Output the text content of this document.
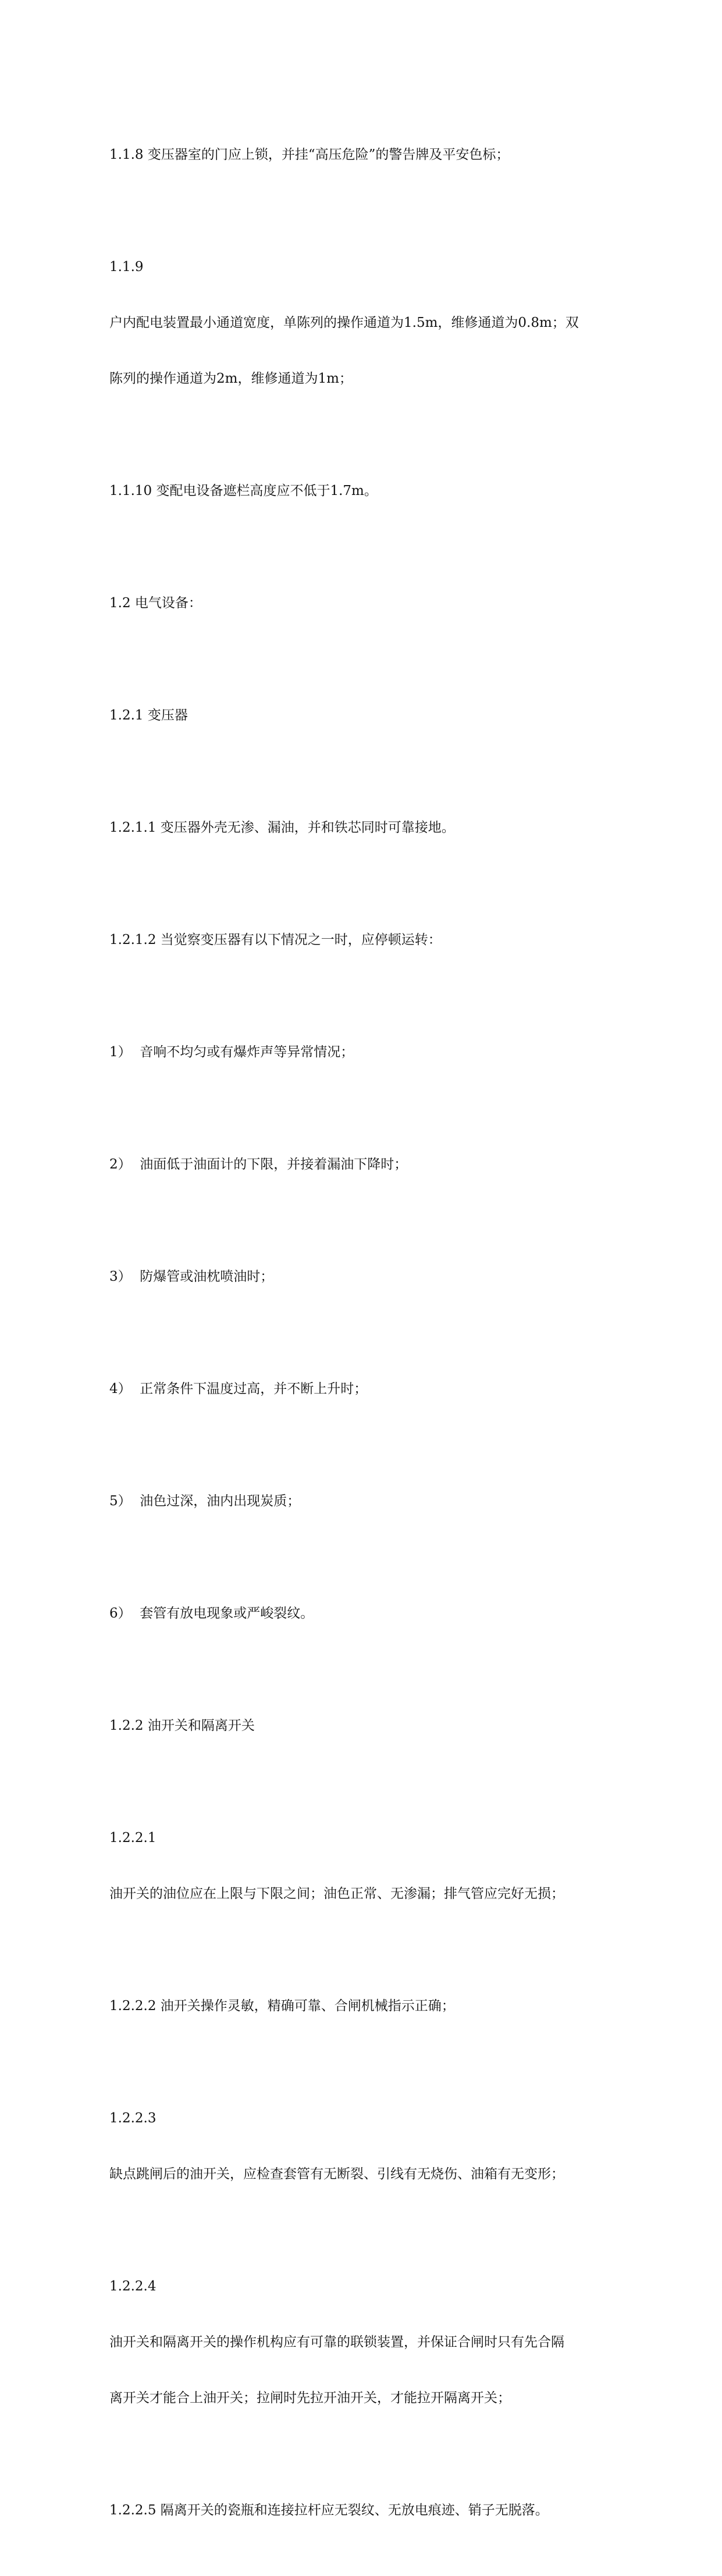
1.1.8 变压器室的门应上锁，并挂“高压危险”的警告牌及平安色标；

1.1.9

户内配电装置最小通道宽度，单陈列的操作通道为1.5m，维修通道为0.8m；双

陈列的操作通道为2m，维修通道为1m；

1.1.10 变配电设备遮栏高度应不低于1.7m。

1.2 电气设备：

1.2.1 变压器

1.2.1.1 变压器外壳无渗、漏油，并和铁芯同时可靠接地。

1.2.1.2 当觉察变压器有以下情况之一时，应停顿运转：

1）  音响不均匀或有爆炸声等异常情况；

2）  油面低于油面计的下限，并接着漏油下降时；

3）  防爆管或油枕喷油时；

4）  正常条件下温度过高，并不断上升时；

5）  油色过深，油内出现炭质；

6）  套管有放电现象或严峻裂纹。

1.2.2 油开关和隔离开关

1.2.2.1

油开关的油位应在上限与下限之间；油色正常、无渗漏；排气管应完好无损；

1.2.2.2 油开关操作灵敏，精确可靠、合闸机械指示正确；

1.2.2.3

缺点跳闸后的油开关，应检查套管有无断裂、引线有无烧伤、油箱有无变形；

1.2.2.4

油开关和隔离开关的操作机构应有可靠的联锁装置，并保证合闸时只有先合隔

离开关才能合上油开关；拉闸时先拉开油开关，才能拉开隔离开关；

1.2.2.5 隔离开关的瓷瓶和连接拉杆应无裂纹、无放电痕迹、销子无脱落。
